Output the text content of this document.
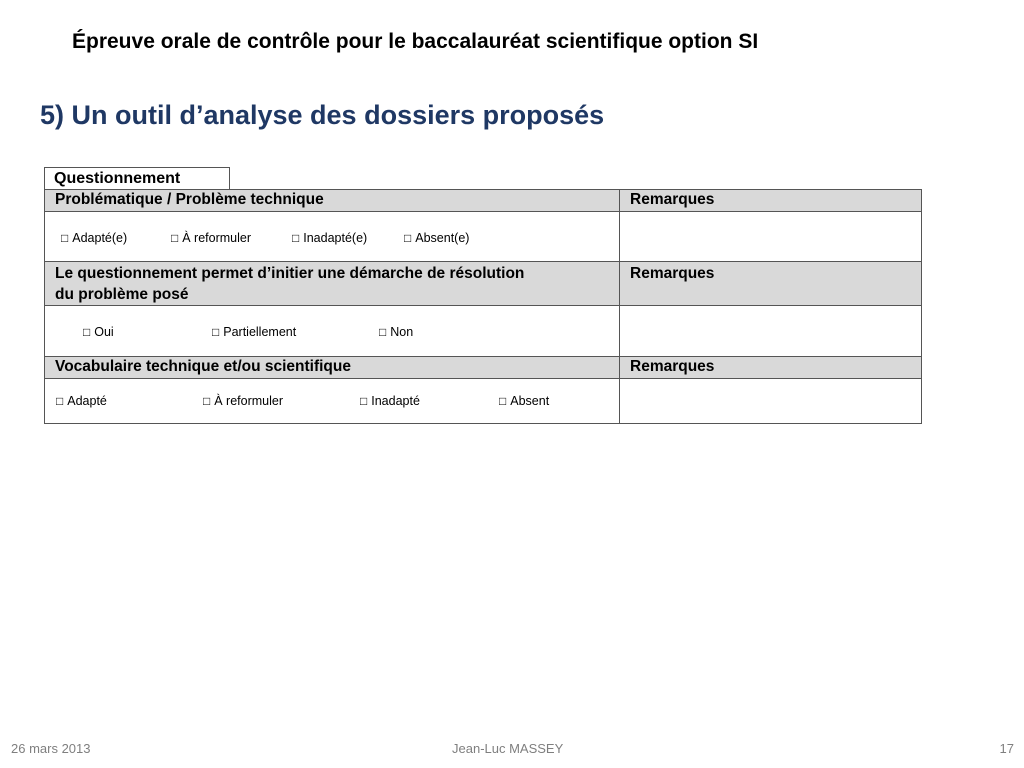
Épreuve orale de contrôle pour le baccalauréat scientifique option SI
5) Un outil d’analyse des dossiers proposés
Questionnement
Problématique / Problème technique	Remarques

□ Adapté(e) □ À reformuler □ Inadapté(e) □ Absent(e)	

Le questionnement permet d’initier une démarche de résolution
du problème posé	Remarques

□ Oui □ Partiellement □ Non	

Vocabulaire technique et/ou scientifique	Remarques

□ Adapté □ À reformuler □ Inadapté □ Absent	

26 mars 2013	Jean-Luc MASSEY	17
